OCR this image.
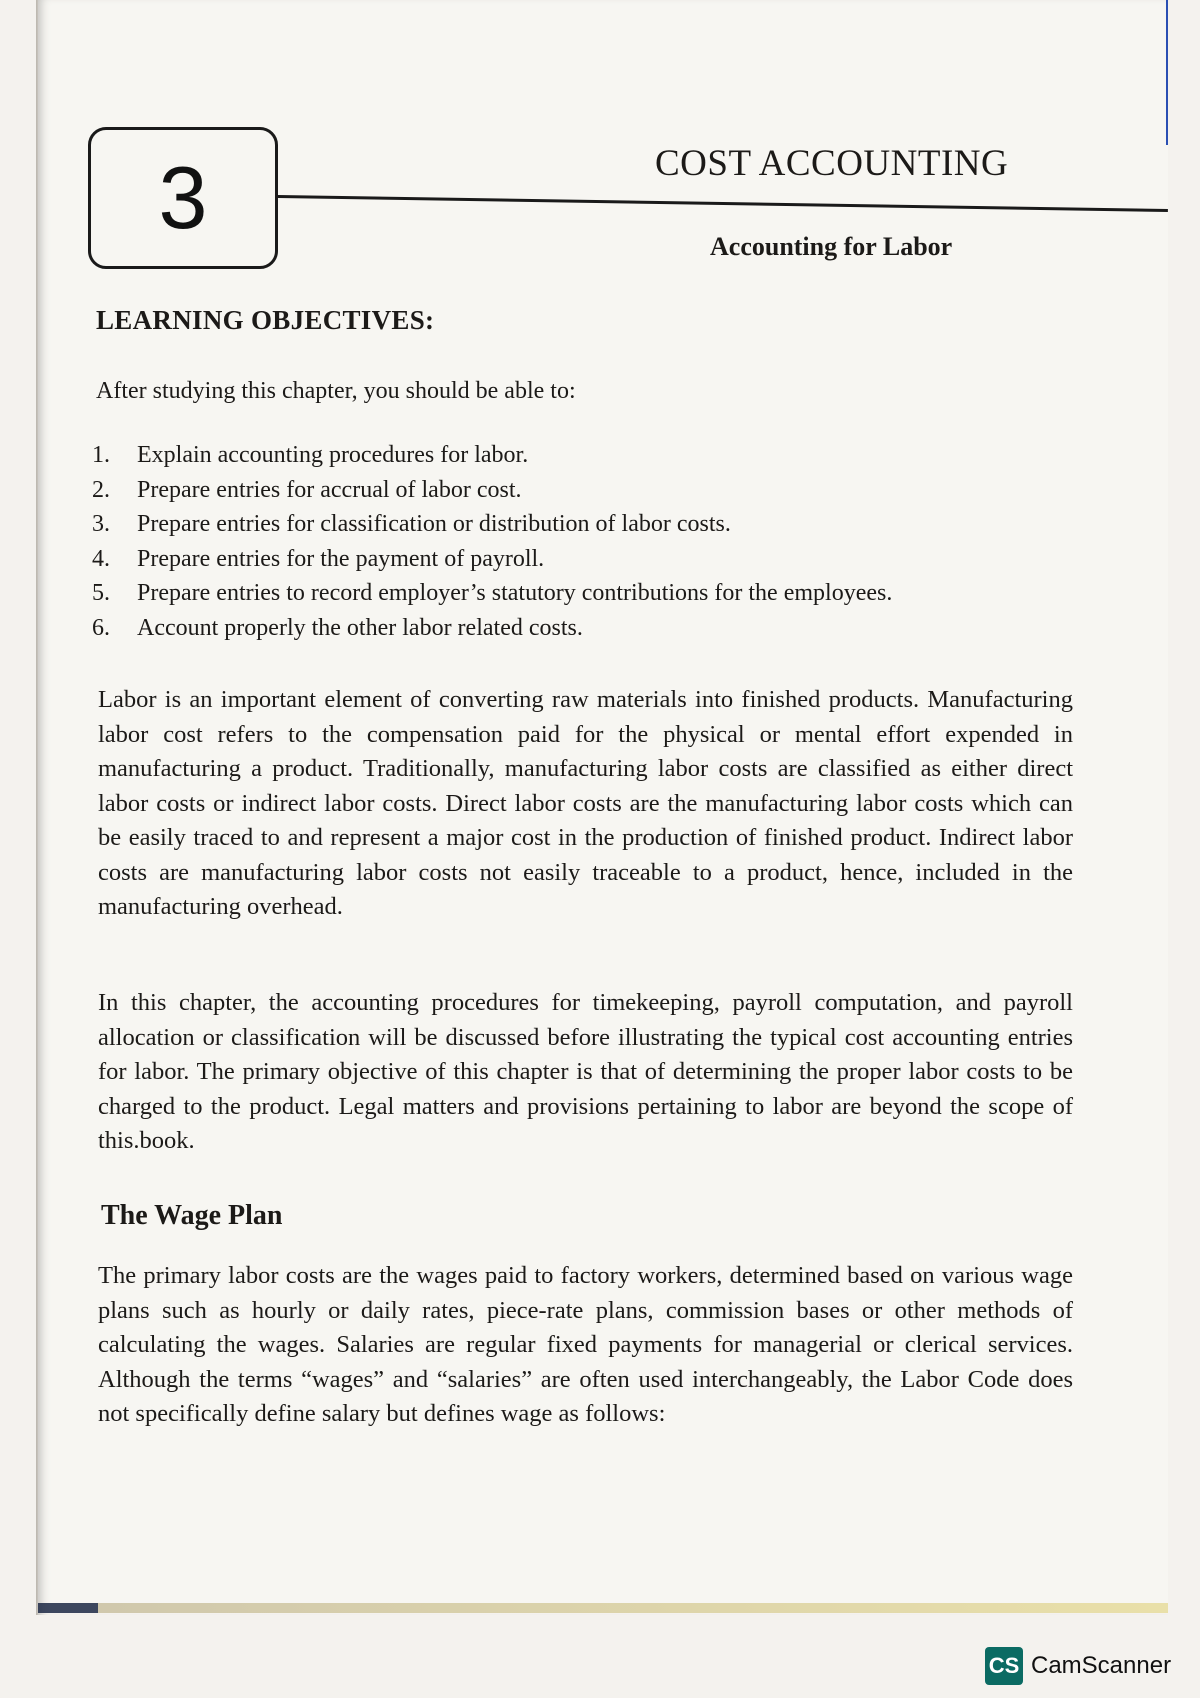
3	COST ACCOUNTING
Accounting for Labor
LEARNING OBJECTIVES:
After studying this chapter, you should be able to:
1.	Explain accounting procedures for labor.
2.	Prepare entries for accrual of labor cost.
3.	Prepare entries for classification or distribution of labor costs.
4.	Prepare entries for the payment of payroll.
5.	Prepare entries to record employer’s statutory contributions for the employees.
6.	Account properly the other labor related costs.

Labor is an important element of converting raw materials into finished products. Manufacturing labor cost refers to the compensation paid for the physical or mental effort expended in manufacturing a product. Traditionally, manufacturing labor costs are classified as either direct labor costs or indirect labor costs. Direct labor costs are the manufacturing labor costs which can be easily traced to and represent a major cost in the production of finished product. Indirect labor costs are manufacturing labor costs not easily traceable to a product, hence, included in the manufacturing overhead.

In this chapter, the accounting procedures for timekeeping, payroll computation, and payroll allocation or classification will be discussed before illustrating the typical cost accounting entries for labor. The primary objective of this chapter is that of determining the proper labor costs to be charged to the product. Legal matters and provisions pertaining to labor are beyond the scope of this.book.

The Wage Plan

The primary labor costs are the wages paid to factory workers, determined based on various wage plans such as hourly or daily rates, piece-rate plans, commission bases or other methods of calculating the wages. Salaries are regular fixed payments for managerial or clerical services. Although the terms “wages” and “salaries” are often used interchangeably, the Labor Code does not specifically define salary but defines wage as follows:

CS CamScanner
